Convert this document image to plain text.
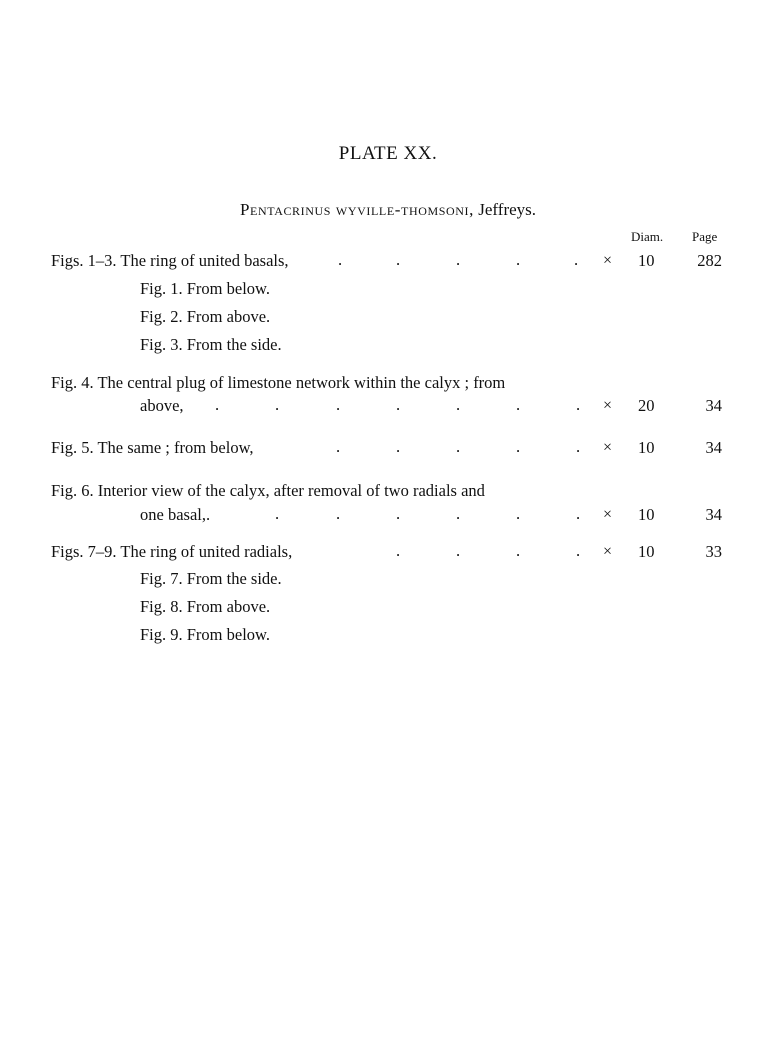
PLATE XX.
Pentacrinus wyville-thomsoni, Jeffreys.
Diam. Page
Figs. 1–3. The ring of united basals,	.	.	.	.	. × 10	282
Fig. 1. From below.
Fig. 2. From above.
Fig. 3. From the side.
Fig. 4. The central plug of limestone network within the calyx ; from
above, .	.	.	.	.	.	. × 20	34
Fig. 5. The same ; from below,	.	.	.	.	. × 10	34
Fig. 6. Interior view of the calyx, after removal of two radials and
one basal,.	.	.	.	.	.	. × 10	34
Figs. 7–9. The ring of united radials,	.	.	.	. × 10	33
Fig. 7. From the side.
Fig. 8. From above.
Fig. 9. From below.
